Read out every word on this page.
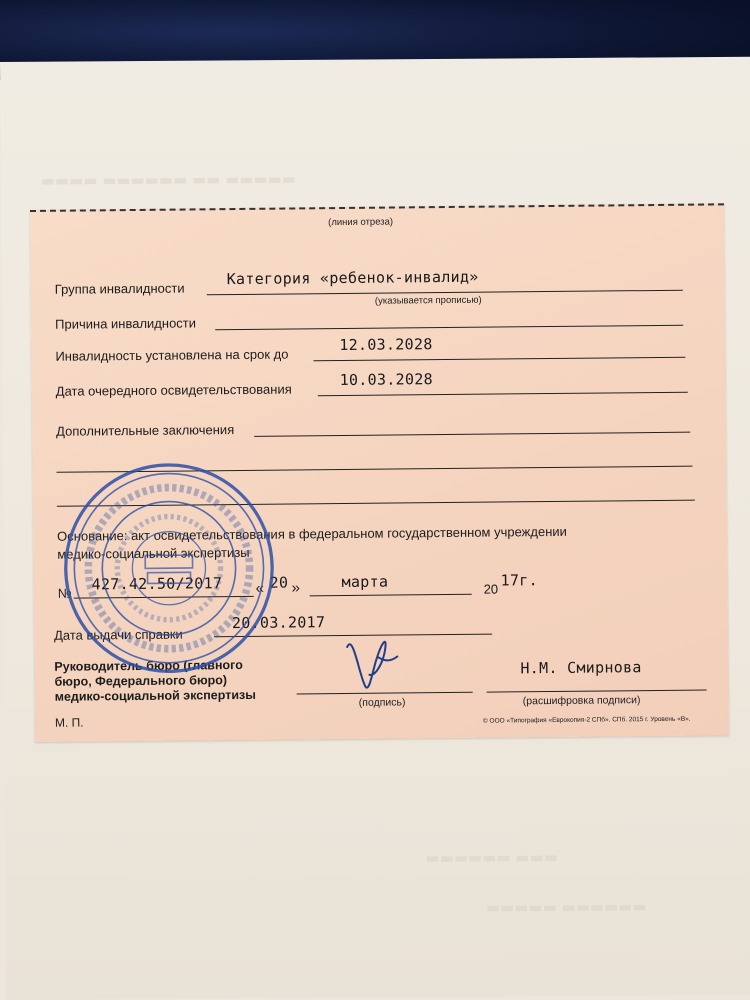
▬▬▬▬ ▬▬▬▬▬▬ ▬▬ ▬▬▬▬▬
▬▬▬▬▬▬ ▬▬▬
▬▬▬▬▬ ▬▬▬▬▬▬
(линия отреза)
Группа инвалидности
Категория «ребенок-инвалид»
(указывается прописью)
Причина инвалидности
Инвалидность установлена на срок до
12.03.2028
Дата очередного освидетельствования
10.03.2028
Дополнительные заключения
Основание: акт освидетельствования в федеральном государственном учреждении
медико-социальной экспертизы
№ 427.42.50/2017 « 20 »	марта	20 17г.
Дата выдачи справки
20.03.2017
Руководитель бюро (главного
бюро, Федерального бюро)
медико-социальной экспертизы	(подпись)
Н.М. Смирнова
(расшифровка подписи)
М. П.	© ООО «Типография «Еврокопия-2 СПб». СПб. 2015 г. Уровень «В».
